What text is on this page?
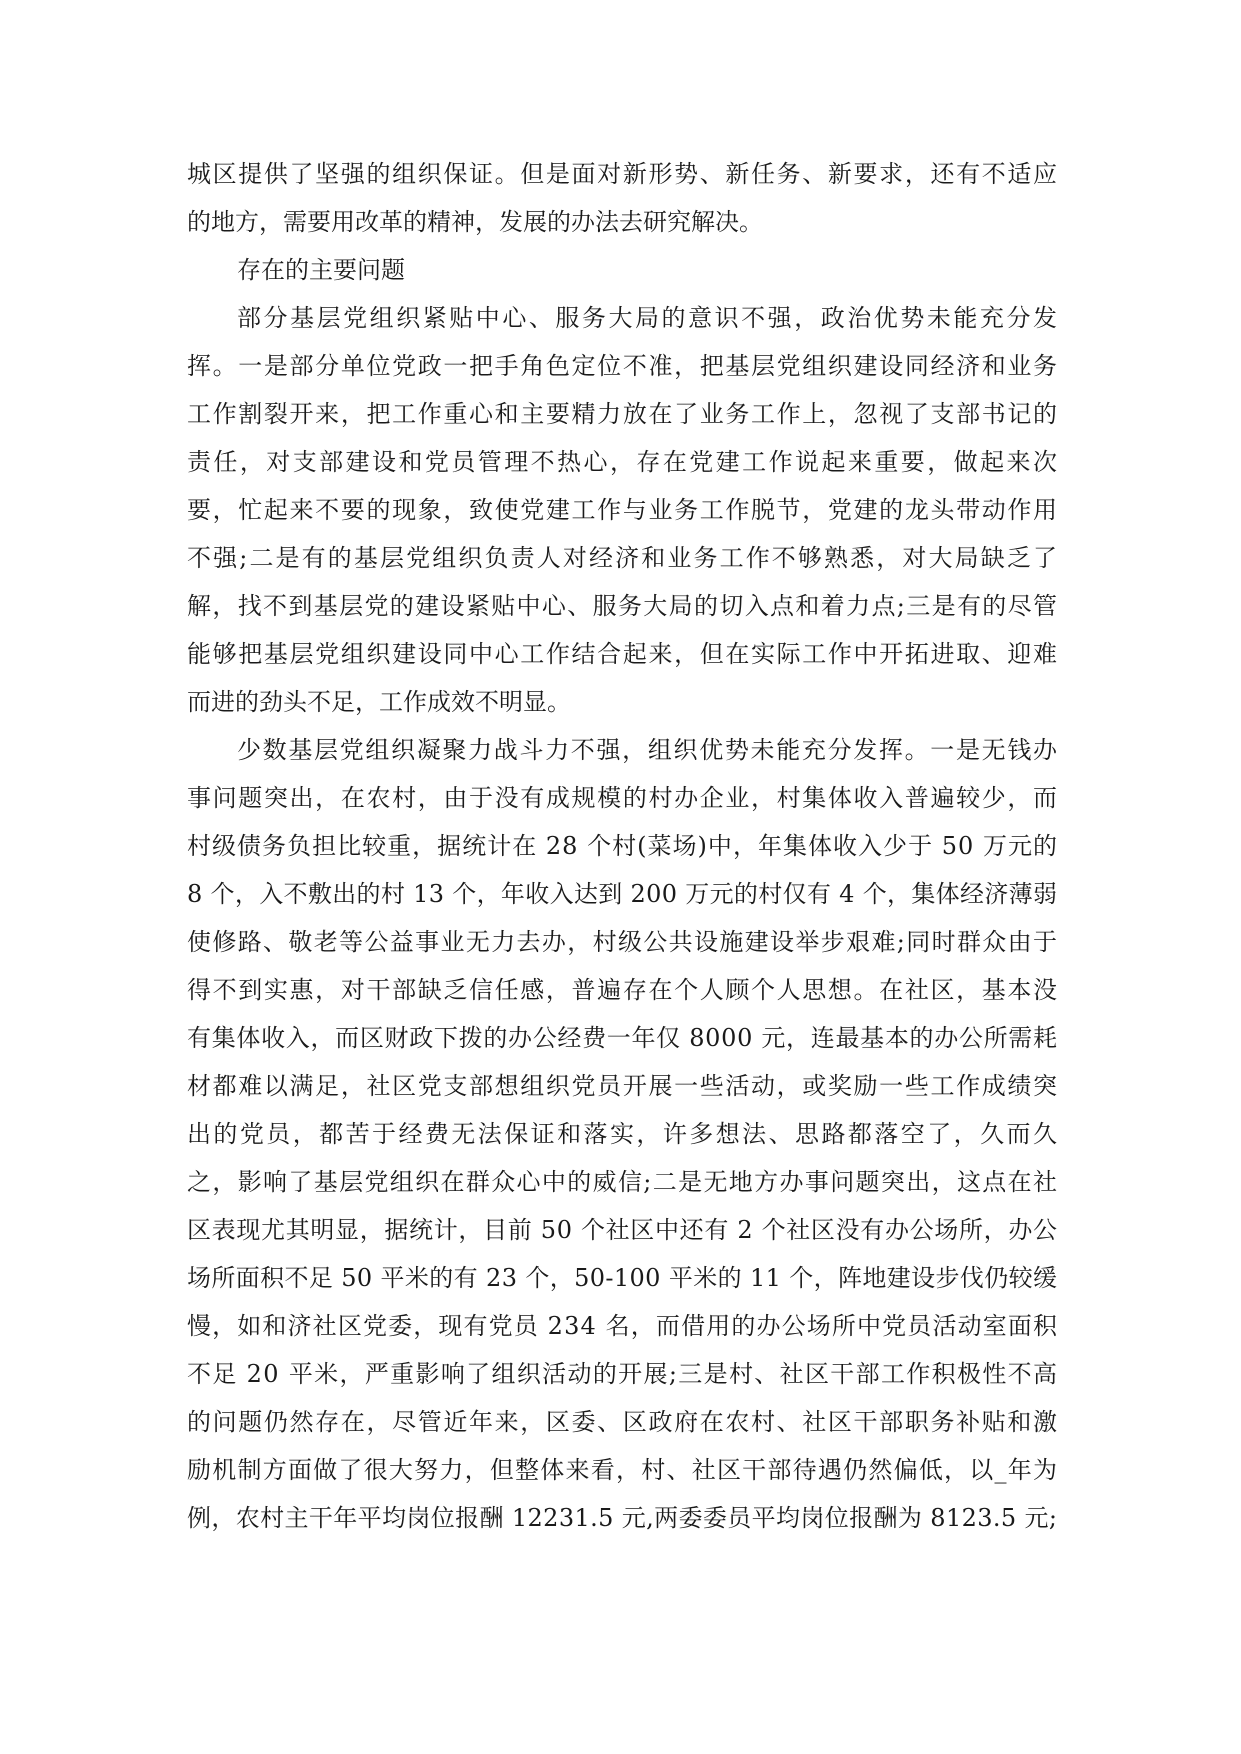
城区提供了坚强的组织保证。但是面对新形势、新任务、新要求，还有不适应
的地方，需要用改革的精神，发展的办法去研究解决。
存在的主要问题
部分基层党组织紧贴中心、服务大局的意识不强，政治优势未能充分发
挥。一是部分单位党政一把手角色定位不准，把基层党组织建设同经济和业务
工作割裂开来，把工作重心和主要精力放在了业务工作上，忽视了支部书记的
责任，对支部建设和党员管理不热心，存在党建工作说起来重要，做起来次
要，忙起来不要的现象，致使党建工作与业务工作脱节，党建的龙头带动作用
不强;二是有的基层党组织负责人对经济和业务工作不够熟悉，对大局缺乏了
解，找不到基层党的建设紧贴中心、服务大局的切入点和着力点;三是有的尽管
能够把基层党组织建设同中心工作结合起来，但在实际工作中开拓进取、迎难
而进的劲头不足，工作成效不明显。
少数基层党组织凝聚力战斗力不强，组织优势未能充分发挥。一是无钱办
事问题突出，在农村，由于没有成规模的村办企业，村集体收入普遍较少，而
村级债务负担比较重，据统计在 28 个村(菜场)中，年集体收入少于 50 万元的
8 个，入不敷出的村 13 个，年收入达到 200 万元的村仅有 4 个，集体经济薄弱
使修路、敬老等公益事业无力去办，村级公共设施建设举步艰难;同时群众由于
得不到实惠，对干部缺乏信任感，普遍存在个人顾个人思想。在社区，基本没
有集体收入，而区财政下拨的办公经费一年仅 8000 元，连最基本的办公所需耗
材都难以满足，社区党支部想组织党员开展一些活动，或奖励一些工作成绩突
出的党员，都苦于经费无法保证和落实，许多想法、思路都落空了，久而久
之，影响了基层党组织在群众心中的威信;二是无地方办事问题突出，这点在社
区表现尤其明显，据统计，目前 50 个社区中还有 2 个社区没有办公场所，办公
场所面积不足 50 平米的有 23 个，50-100 平米的 11 个，阵地建设步伐仍较缓
慢，如和济社区党委，现有党员 234 名，而借用的办公场所中党员活动室面积
不足 20 平米，严重影响了组织活动的开展;三是村、社区干部工作积极性不高
的问题仍然存在，尽管近年来，区委、区政府在农村、社区干部职务补贴和激
励机制方面做了很大努力，但整体来看，村、社区干部待遇仍然偏低，以_年为
例，农村主干年平均岗位报酬 12231.5 元,两委委员平均岗位报酬为 8123.5 元;
